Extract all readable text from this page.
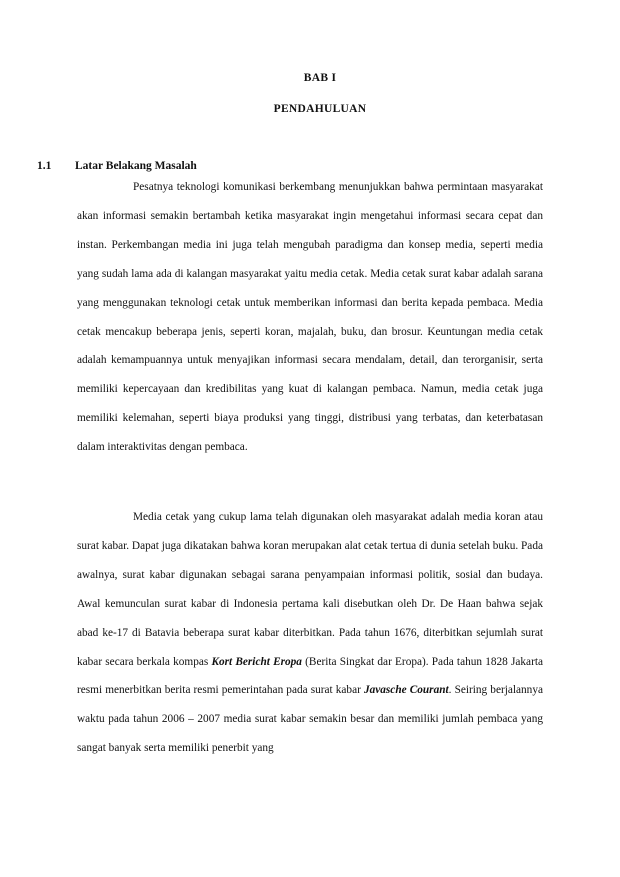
BAB I
PENDAHULUAN
1.1 Latar Belakang Masalah

Pesatnya teknologi komunikasi berkembang menunjukkan bahwa permintaan masyarakat akan informasi semakin bertambah ketika masyarakat ingin mengetahui informasi secara cepat dan instan. Perkembangan media ini juga telah mengubah paradigma dan konsep media, seperti media yang sudah lama ada di kalangan masyarakat yaitu media cetak. Media cetak surat kabar adalah sarana yang menggunakan teknologi cetak untuk memberikan informasi dan berita kepada pembaca. Media cetak mencakup beberapa jenis, seperti koran, majalah, buku, dan brosur. Keuntungan media cetak adalah kemampuannya untuk menyajikan informasi secara mendalam, detail, dan terorganisir, serta memiliki kepercayaan dan kredibilitas yang kuat di kalangan pembaca. Namun, media cetak juga memiliki kelemahan, seperti biaya produksi yang tinggi, distribusi yang terbatas, dan keterbatasan dalam interaktivitas dengan pembaca.

Media cetak yang cukup lama telah digunakan oleh masyarakat adalah media koran atau surat kabar. Dapat juga dikatakan bahwa koran merupakan alat cetak tertua di dunia setelah buku. Pada awalnya, surat kabar digunakan sebagai sarana penyampaian informasi politik, sosial dan budaya. Awal kemunculan surat kabar di Indonesia pertama kali disebutkan oleh Dr. De Haan bahwa sejak abad ke-17 di Batavia beberapa surat kabar diterbitkan. Pada tahun 1676, diterbitkan sejumlah surat kabar secara berkala kompas Kort Bericht Eropa (Berita Singkat dar Eropa). Pada tahun 1828 Jakarta resmi menerbitkan berita resmi pemerintahan pada surat kabar Javasche Courant. Seiring berjalannya waktu pada tahun 2006 – 2007 media surat kabar semakin besar dan memiliki jumlah pembaca yang sangat banyak serta memiliki penerbit yang
